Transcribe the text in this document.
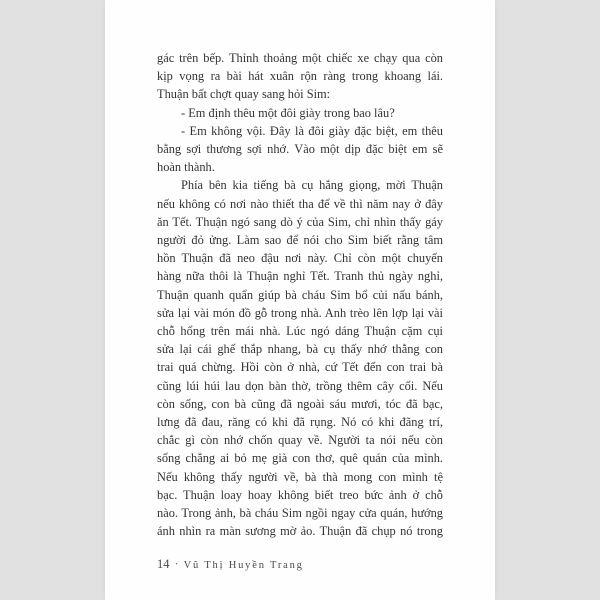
gác trên bếp. Thỉnh thoảng một chiếc xe chạy qua còn
kịp vọng ra bài hát xuân rộn ràng trong khoang lái.
Thuận bất chợt quay sang hỏi Sim:
- Em định thêu một đôi giày trong bao lâu?
- Em không vội. Đây là đôi giày đặc biệt, em thêu
bằng sợi thương sợi nhớ. Vào một dịp đặc biệt em sẽ
hoàn thành.
Phía bên kia tiếng bà cụ hắng giọng, mời Thuận
nếu không có nơi nào thiết tha để về thì năm nay ở đây
ăn Tết. Thuận ngó sang dò ý của Sim, chỉ nhìn thấy gáy
người đỏ ửng. Làm sao để nói cho Sim biết rằng tâm
hồn Thuận đã neo đậu nơi này. Chỉ còn một chuyến
hàng nữa thôi là Thuận nghỉ Tết. Tranh thủ ngày nghỉ,
Thuận quanh quẩn giúp bà cháu Sim bổ củi nấu bánh,
sửa lại vài món đồ gỗ trong nhà. Anh trèo lên lợp lại vài
chỗ hổng trên mái nhà. Lúc ngó dáng Thuận cặm cụi
sửa lại cái ghế thắp nhang, bà cụ thấy nhớ thằng con
trai quá chừng. Hồi còn ở nhà, cứ Tết đến con trai bà
cũng lúi húi lau dọn bàn thờ, trồng thêm cây cối. Nếu
còn sống, con bà cũng đã ngoài sáu mươi, tóc đã bạc,
lưng đã đau, răng có khi đã rụng. Nó có khi đãng trí,
chắc gì còn nhớ chốn quay về. Người ta nói nếu còn
sống chẳng ai bỏ mẹ già con thơ, quê quán của mình.
Nếu không thấy người về, bà thà mong con mình tệ
bạc. Thuận loay hoay không biết treo bức ảnh ở chỗ
nào. Trong ảnh, bà cháu Sim ngồi ngay cửa quán, hướng
ánh nhìn ra màn sương mờ ảo. Thuận đã chụp nó trong
14 · Vũ Thị Huyền Trang
